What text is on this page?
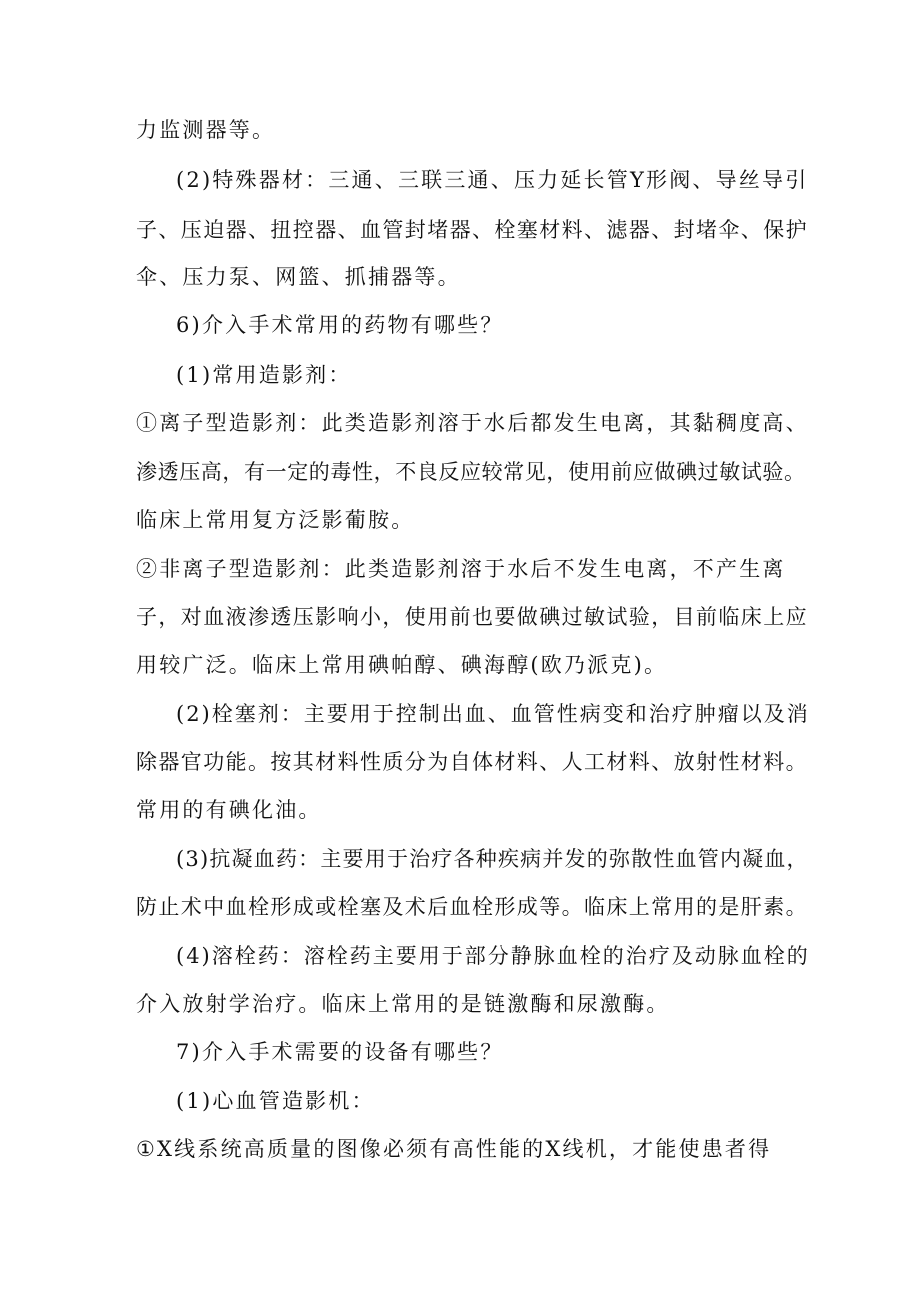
力监测器等。
(2)特殊器材：三通、三联三通、压力延长管Y形阀、导丝导引
子、压迫器、扭控器、血管封堵器、栓塞材料、滤器、封堵伞、保护
伞、压力泵、网篮、抓捕器等。
6)介入手术常用的药物有哪些？
(1)常用造影剂：
①离子型造影剂：此类造影剂溶于水后都发生电离，其黏稠度高、
渗透压高，有一定的毒性，不良反应较常见，使用前应做碘过敏试验。
临床上常用复方泛影葡胺。
②非离子型造影剂：此类造影剂溶于水后不发生电离，不产生离
子，对血液渗透压影响小，使用前也要做碘过敏试验，目前临床上应
用较广泛。临床上常用碘帕醇、碘海醇(欧乃派克)。
(2)栓塞剂：主要用于控制出血、血管性病变和治疗肿瘤以及消
除器官功能。按其材料性质分为自体材料、人工材料、放射性材料。
常用的有碘化油。
(3)抗凝血药：主要用于治疗各种疾病并发的弥散性血管内凝血，
防止术中血栓形成或栓塞及术后血栓形成等。临床上常用的是肝素。
(4)溶栓药：溶栓药主要用于部分静脉血栓的治疗及动脉血栓的
介入放射学治疗。临床上常用的是链激酶和尿激酶。
7)介入手术需要的设备有哪些？
(1)心血管造影机：
①X线系统高质量的图像必须有高性能的X线机，才能使患者得
